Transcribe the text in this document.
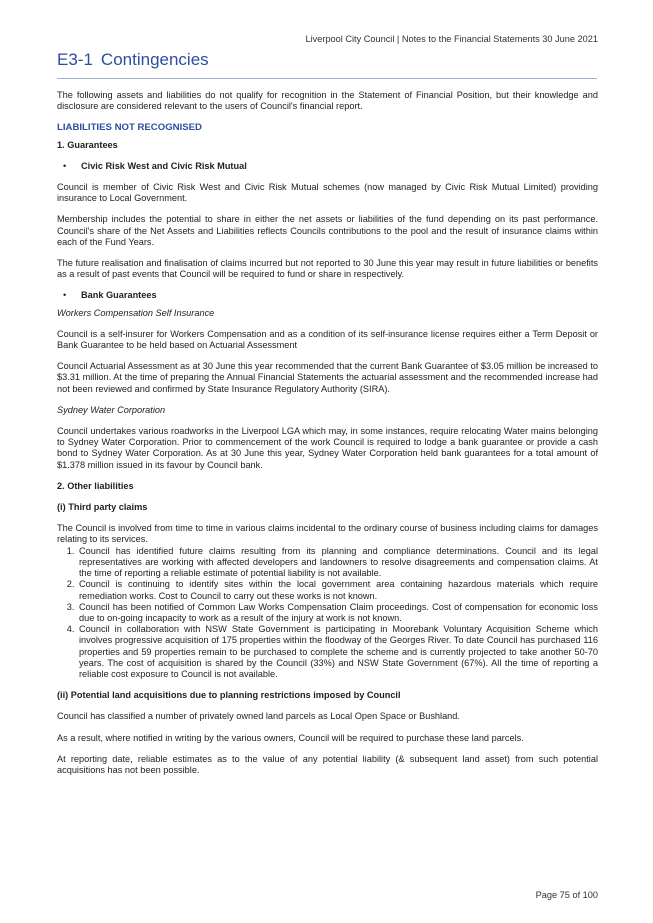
Liverpool City Council | Notes to the Financial Statements 30 June 2021
E3-1 Contingencies

The following assets and liabilities do not qualify for recognition in the Statement of Financial Position, but their knowledge and disclosure are considered relevant to the users of Council's financial report.

LIABILITIES NOT RECOGNISED
1. Guarantees
•	Civic Risk West and Civic Risk Mutual

Council is member of Civic Risk West and Civic Risk Mutual schemes (now managed by Civic Risk Mutual Limited) providing insurance to Local Government.

Membership includes the potential to share in either the net assets or liabilities of the fund depending on its past performance. Council's share of the Net Assets and Liabilities reflects Councils contributions to the pool and the result of insurance claims within each of the Fund Years.

The future realisation and finalisation of claims incurred but not reported to 30 June this year may result in future liabilities or benefits as a result of past events that Council will be required to fund or share in respectively.

•	Bank Guarantees
Workers Compensation Self Insurance

Council is a self-insurer for Workers Compensation and as a condition of its self-insurance license requires either a Term Deposit or Bank Guarantee to be held based on Actuarial Assessment

Council Actuarial Assessment as at 30 June this year recommended that the current Bank Guarantee of $3.05 million be increased to $3.31 million. At the time of preparing the Annual Financial Statements the actuarial assessment and the recommended increase had not been reviewed and confirmed by State Insurance Regulatory Authority (SIRA).

Sydney Water Corporation

Council undertakes various roadworks in the Liverpool LGA which may, in some instances, require relocating Water mains belonging to Sydney Water Corporation. Prior to commencement of the work Council is required to lodge a bank guarantee or provide a cash bond to Sydney Water Corporation. As at 30 June this year, Sydney Water Corporation held bank guarantees for a total amount of $1.378 million issued in its favour by Council bank.

2. Other liabilities
(i) Third party claims

The Council is involved from time to time in various claims incidental to the ordinary course of business including claims for damages relating to its services.

1. Council has identified future claims resulting from its planning and compliance determinations. Council and its legal representatives are working with affected developers and landowners to resolve disagreements and compensation claims. At the time of reporting a reliable estimate of potential liability is not available.
2. Council is continuing to identify sites within the local government area containing hazardous materials which require remediation works. Cost to Council to carry out these works is not known.
3. Council has been notified of Common Law Works Compensation Claim proceedings. Cost of compensation for economic loss due to on-going incapacity to work as a result of the injury at work is not known.
4. Council in collaboration with NSW State Government is participating in Moorebank Voluntary Acquisition Scheme which involves progressive acquisition of 175 properties within the floodway of the Georges River. To date Council has purchased 116 properties and 59 properties remain to be purchased to complete the scheme and is currently projected to take another 50-70 years. The cost of acquisition is shared by the Council (33%) and NSW State Government (67%). All the time of reporting a reliable cost exposure to Council is not available.
(ii) Potential land acquisitions due to planning restrictions imposed by Council

Council has classified a number of privately owned land parcels as Local Open Space or Bushland.

As a result, where notified in writing by the various owners, Council will be required to purchase these land parcels.

At reporting date, reliable estimates as to the value of any potential liability (& subsequent land asset) from such potential acquisitions has not been possible.

Page 75 of 100
